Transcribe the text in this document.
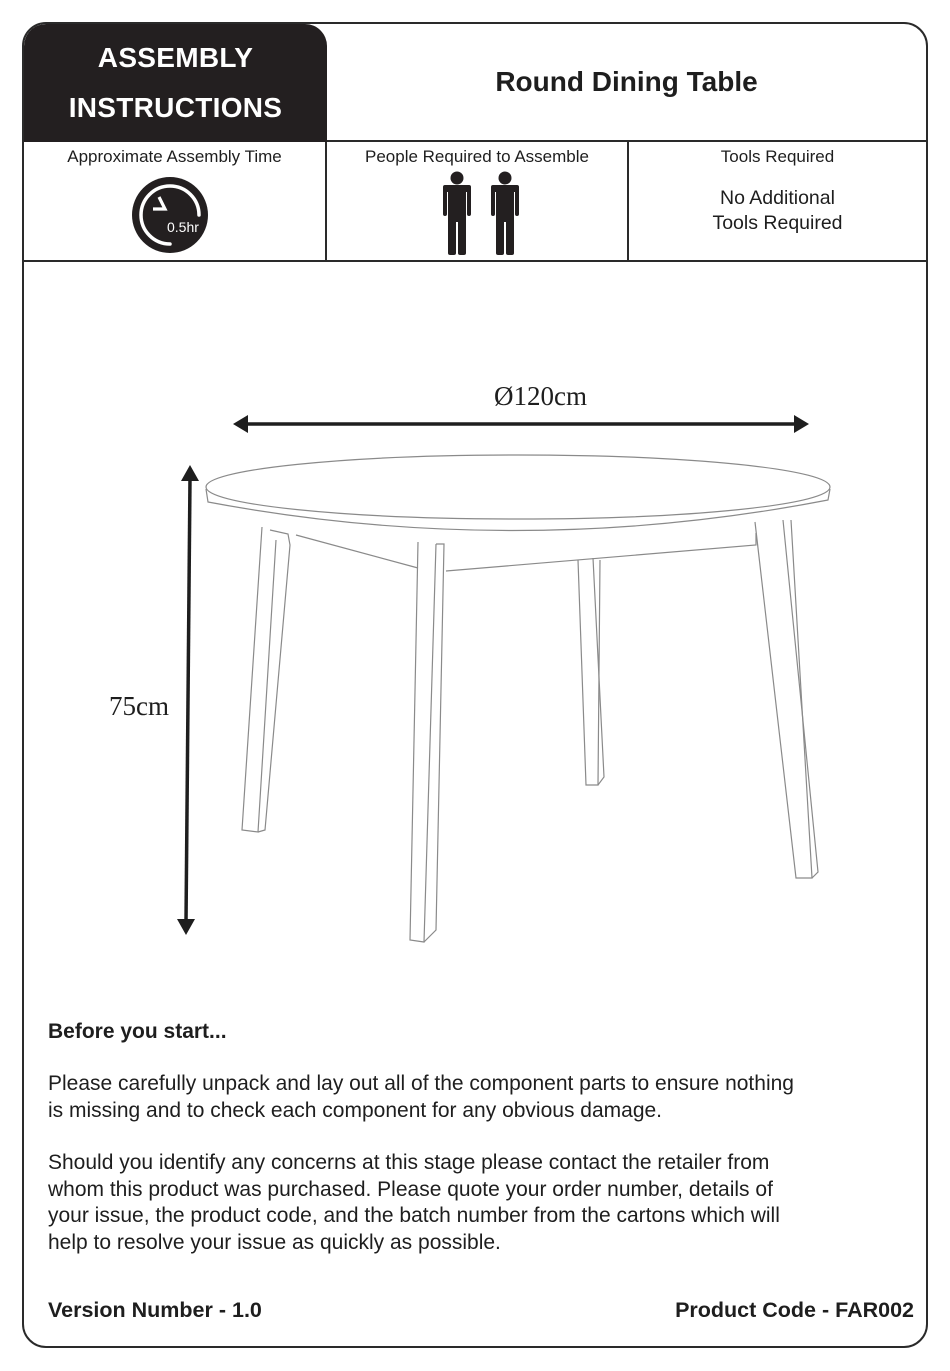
ASSEMBLY
INSTRUCTIONS
Round Dining Table
Approximate Assembly Time
0.5hr
People Required to Assemble	Tools Required
No Additional
Tools Required
Ø120cm
75cm
Before you start...
Please carefully unpack and lay out all of the component parts to ensure nothing
is missing and to check each component for any obvious damage.
Should you identify any concerns at this stage please contact the retailer from
whom this product was purchased. Please quote your order number, details of
your issue, the product code, and the batch number from the cartons which will
help to resolve your issue as quickly as possible.
Version Number - 1.0	Product Code - FAR002
